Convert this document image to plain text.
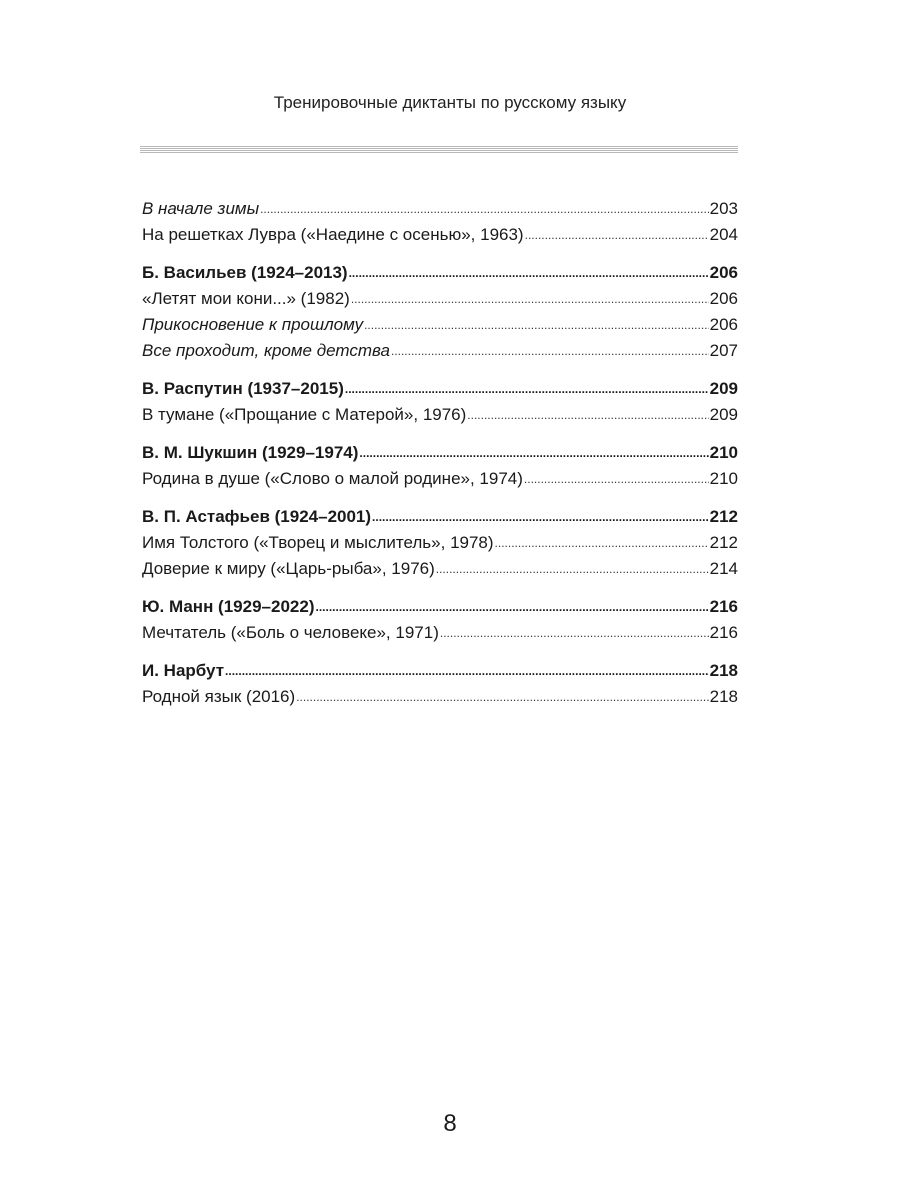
Тренировочные диктанты по русскому языку
В начале зимы .....	203
На решетках Лувра («Наедине с осенью», 1963) .....	204
Б. Васильев (1924–2013) .....	206
«Летят мои кони...» (1982) .....	206
Прикосновение к прошлому .....	206
Все проходит, кроме детства .....	207
В. Распутин (1937–2015) .....	209
В тумане («Прощание с Матерой», 1976) .....	209
В. М. Шукшин (1929–1974) .....	210
Родина в душе («Слово о малой родине», 1974) .....	210
В. П. Астафьев (1924–2001) .....	212
Имя Толстого («Творец и мыслитель», 1978) .....	212
Доверие к миру («Царь-рыба», 1976) .....	214
Ю. Манн (1929–2022) .....	216
Мечтатель («Боль о человеке», 1971) .....	216
И. Нарбут .....	218
Родной язык (2016) .....	218
8
